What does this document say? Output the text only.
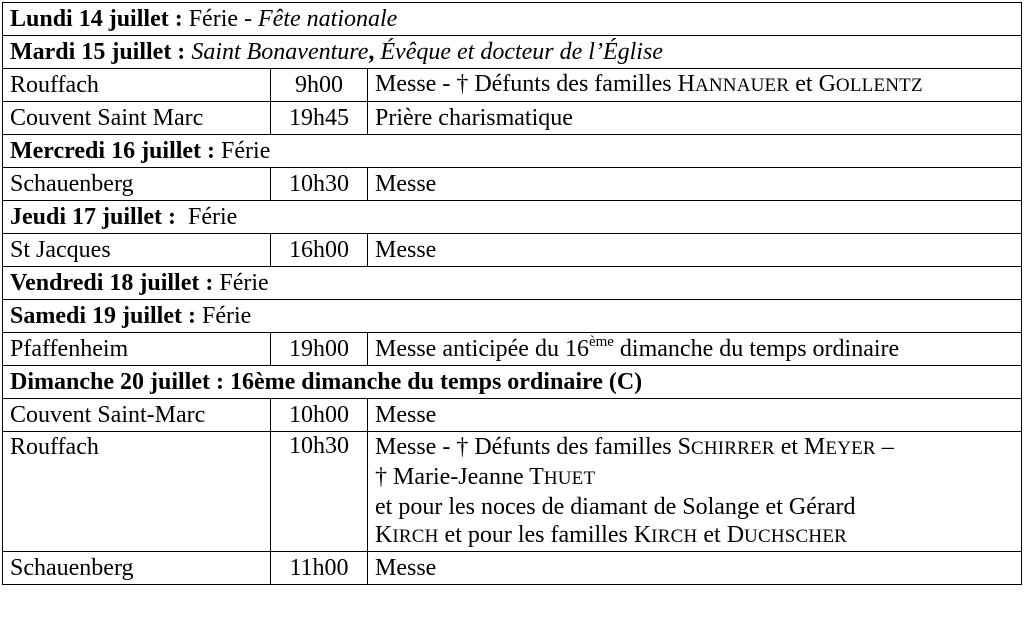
Lundi 14 juillet : Férie - Fête nationale		
Mardi 15 juillet : Saint Bonaventure, Évêque et docteur de l’Église		
Rouffach	9h00	Messe - † Défunts des familles HANNAUER et GOLLENTZ
Couvent Saint Marc	19h45	Prière charismatique
Mercredi 16 juillet : Férie		
Schauenberg	10h30	Messe
Jeudi 17 juillet : Férie		
St Jacques	16h00	Messe
Vendredi 18 juillet : Férie		
Samedi 19 juillet : Férie		
Pfaffenheim	19h00	Messe anticipée du 16ème dimanche du temps ordinaire
Dimanche 20 juillet : 16ème dimanche du temps ordinaire (C)		
Couvent Saint-Marc	10h00	Messe
Rouffach	10h30	Messe - † Défunts des familles SCHIRRER et MEYER –
† Marie-Jeanne THUET
et pour les noces de diamant de Solange et Gérard
KIRCH et pour les familles KIRCH et DUCHSCHER

Schauenberg	11h00	Messe
